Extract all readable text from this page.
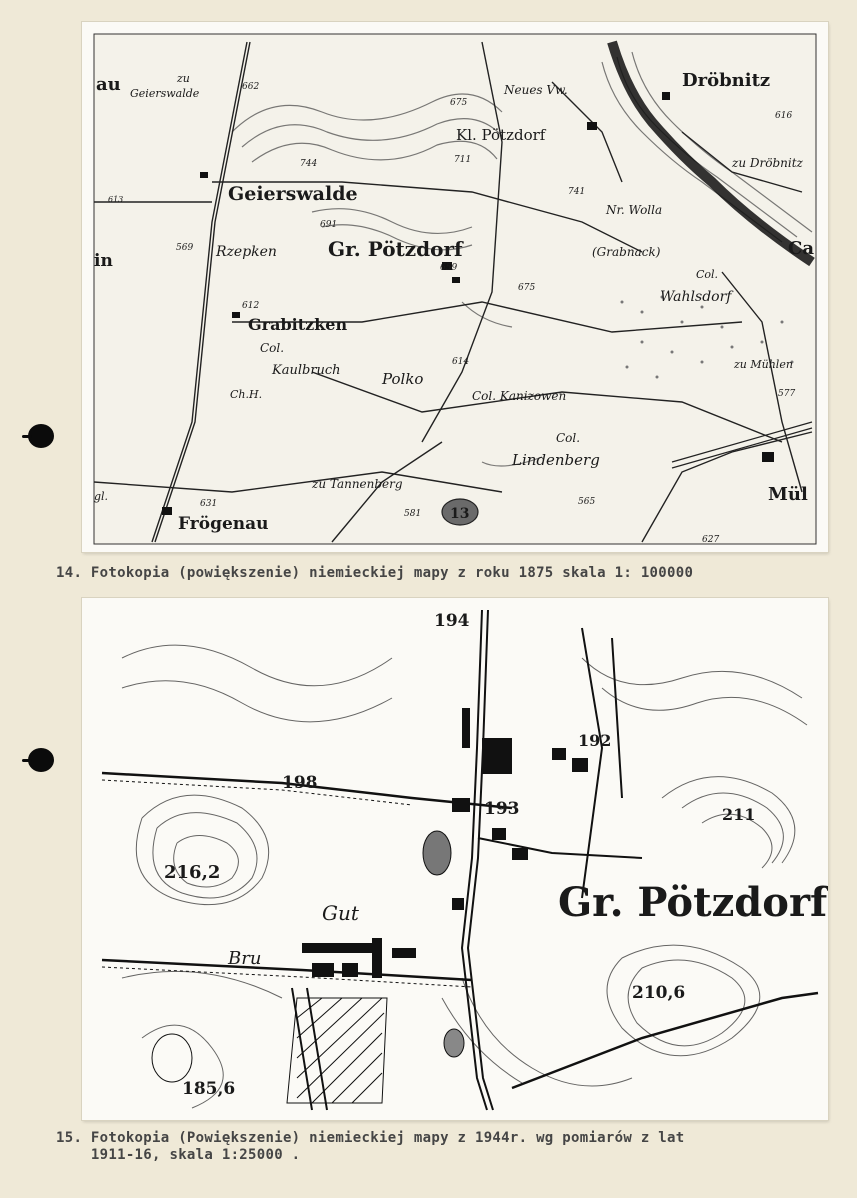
au	zu
Geierswalde	662
675
Neues Vw.	Dröbnitz
616
Kl. Pötzdorf
744	711	zu Dröbnitz
Geierswalde
613
691
741
Nr. Wolla
569 Rzepken	Gr. Pötzdorf	(Grabnack)	Ca
in	659
675
Col.
Wahlsdorf
612
Grabitzken
Col.
Kaulbruch
614
Polko
zu Mühlen
Ch.H.	Col. Kanizowen	577
Col.
Lindenberg
zu Tannenberg	Mül
gl.
631
Frögenau	581 13
565
627
14. Fotokopia (powiększenie) niemieckiej mapy z roku 1875 skala 1: 100000
194
192
198
193	211
216,2
Gr. Pötzdorf
Gut
Bru
210,6
185,6
15. Fotokopia (Powiększenie) niemieckiej mapy z 1944r. wg pomiarów z lat
1911-16, skala 1:25000 .
